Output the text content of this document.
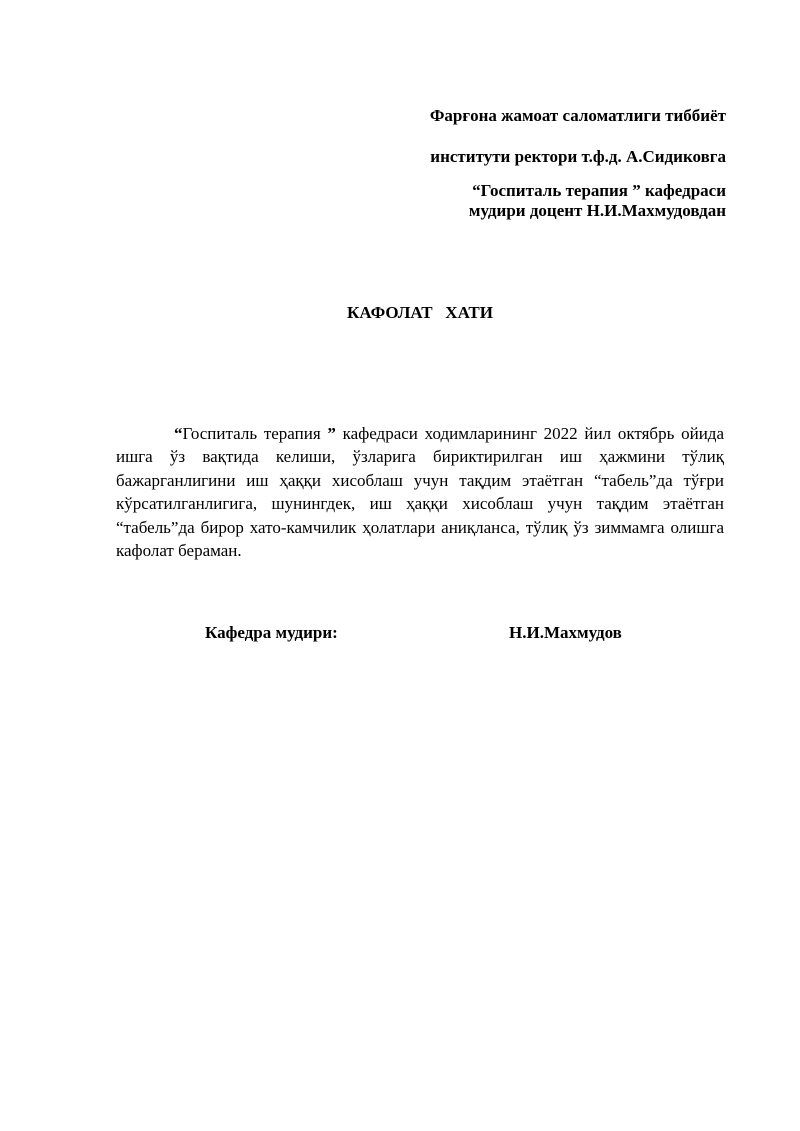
Фарғона жамоат саломатлиги тиббиёт
институти ректори т.ф.д. А.Сидиковга
“Госпиталь терапия ” кафедраси
мудири доцент Н.И.Махмудовдан
КАФОЛАТ   ХАТИ

“Госпиталь терапия ” кафедраси ходимларининг 2022 йил октябрь ойида ишга ўз вақтида келиши, ўзларига бириктирилган иш ҳажмини тўлиқ бажарганлигини иш ҳаққи хисоблаш учун тақдим этаётган “табель”да тўғри кўрсатилганлигига, шунингдек, иш ҳаққи хисоблаш учун тақдим этаётган “табель”да бирор хато-камчилик ҳолатлари аниқланса, тўлиқ ўз зиммамга олишга кафолат бераман.

Кафедра мудири:	Н.И.Махмудов
